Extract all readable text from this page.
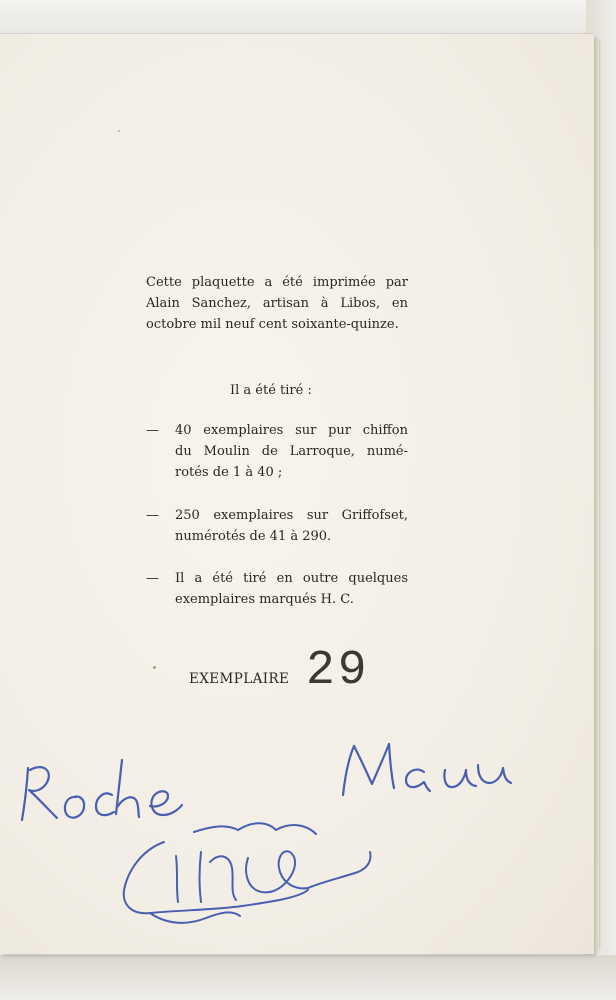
Cette plaquette a été imprimée par
Alain Sanchez, artisan à Libos, en
octobre mil neuf cent soixante-quinze.
Il a été tiré :
— 40 exemplaires sur pur chiffon
du Moulin de Larroque, numé-
rotés de 1 à 40 ;
— 250 exemplaires sur Griffofset,
numérotés de 41 à 290.
— Il a été tiré en outre quelques
exemplaires marqués H. C.
EXEMPLAIRE 29
